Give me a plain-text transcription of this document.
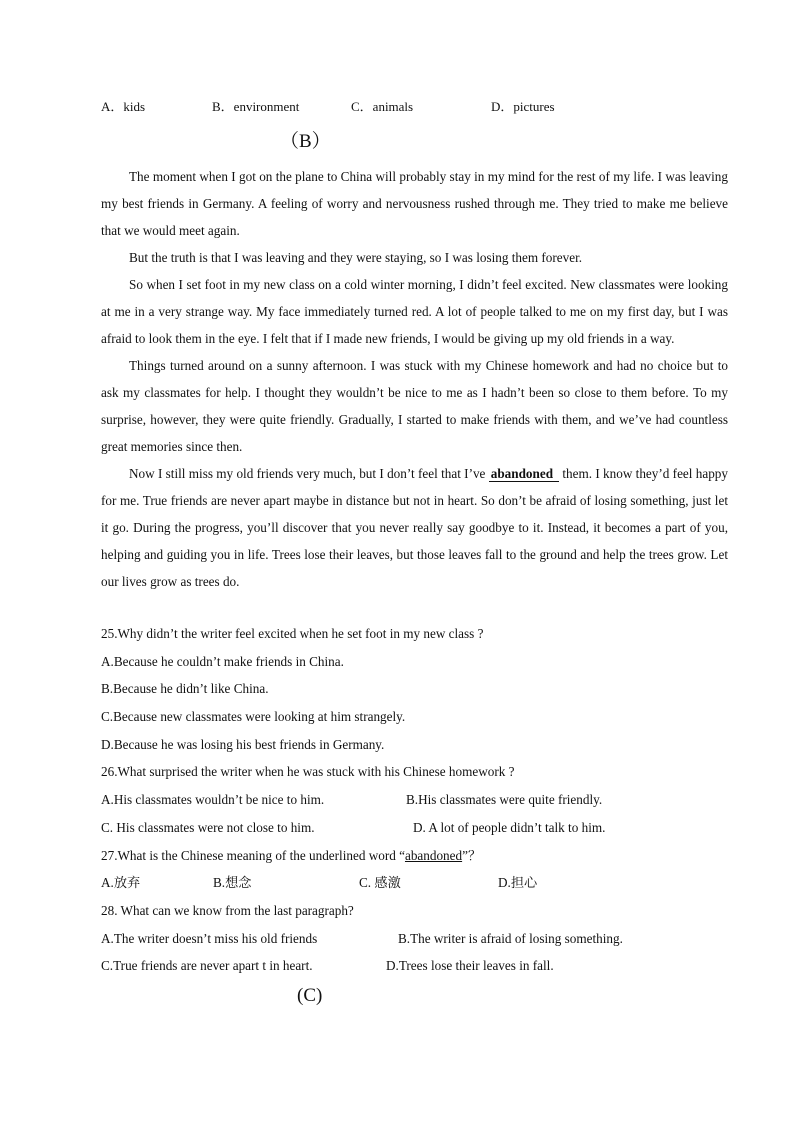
A．kids	B．environment	C．animals	D．pictures
（B）

The moment when I got on the plane to China will probably stay in my mind for the rest of my life. I was leaving my best friends in Germany. A feeling of worry and nervousness rushed through me. They tried to make me believe that we would meet again.

But the truth is that I was leaving and they were staying, so I was losing them forever.

So when I set foot in my new class on a cold winter morning, I didn’t feel excited. New classmates were looking at me in a very strange way. My face immediately turned red. A lot of people talked to me on my first day, but I was afraid to look them in the eye. I felt that if I made new friends, I would be giving up my old friends in a way.

Things turned around on a sunny afternoon. I was stuck with my Chinese homework and had no choice but to ask my classmates for help. I thought they wouldn’t be nice to me as I hadn’t been so close to them before. To my surprise, however, they were quite friendly. Gradually, I started to make friends with them, and we’ve had countless great memories since then.

Now I still miss my old friends very much, but I don’t feel that I’ve abandoned them. I know they’d feel happy for me. True friends are never apart maybe in distance but not in heart. So don’t be afraid of losing something, just let it go. During the progress, you’ll discover that you never really say goodbye to it. Instead, it becomes a part of you, helping and guiding you in life. Trees lose their leaves, but those leaves fall to the ground and help the trees grow. Let our lives grow as trees do.

25.Why didn’t the writer feel excited when he set foot in my new class ?
A.Because he couldn’t make friends in China.
B.Because he didn’t like China.
C.Because new classmates were looking at him strangely.
D.Because he was losing his best friends in Germany.
26.What surprised the writer when he was stuck with his Chinese homework ?
A.His classmates wouldn’t be nice to him.	B.His classmates were quite friendly.
C. His classmates were not close to him.	D. A lot of people didn’t talk to him.
27.What is the Chinese meaning of the underlined word “abandoned”？
A.放弃	B.想念	C. 感激	D.担心
28. What can we know from the last paragraph?
A.The writer doesn’t miss his old friends	B.The writer is afraid of losing something.
C.True friends are never apart t in heart.	D.Trees lose their leaves in fall.
(C)
